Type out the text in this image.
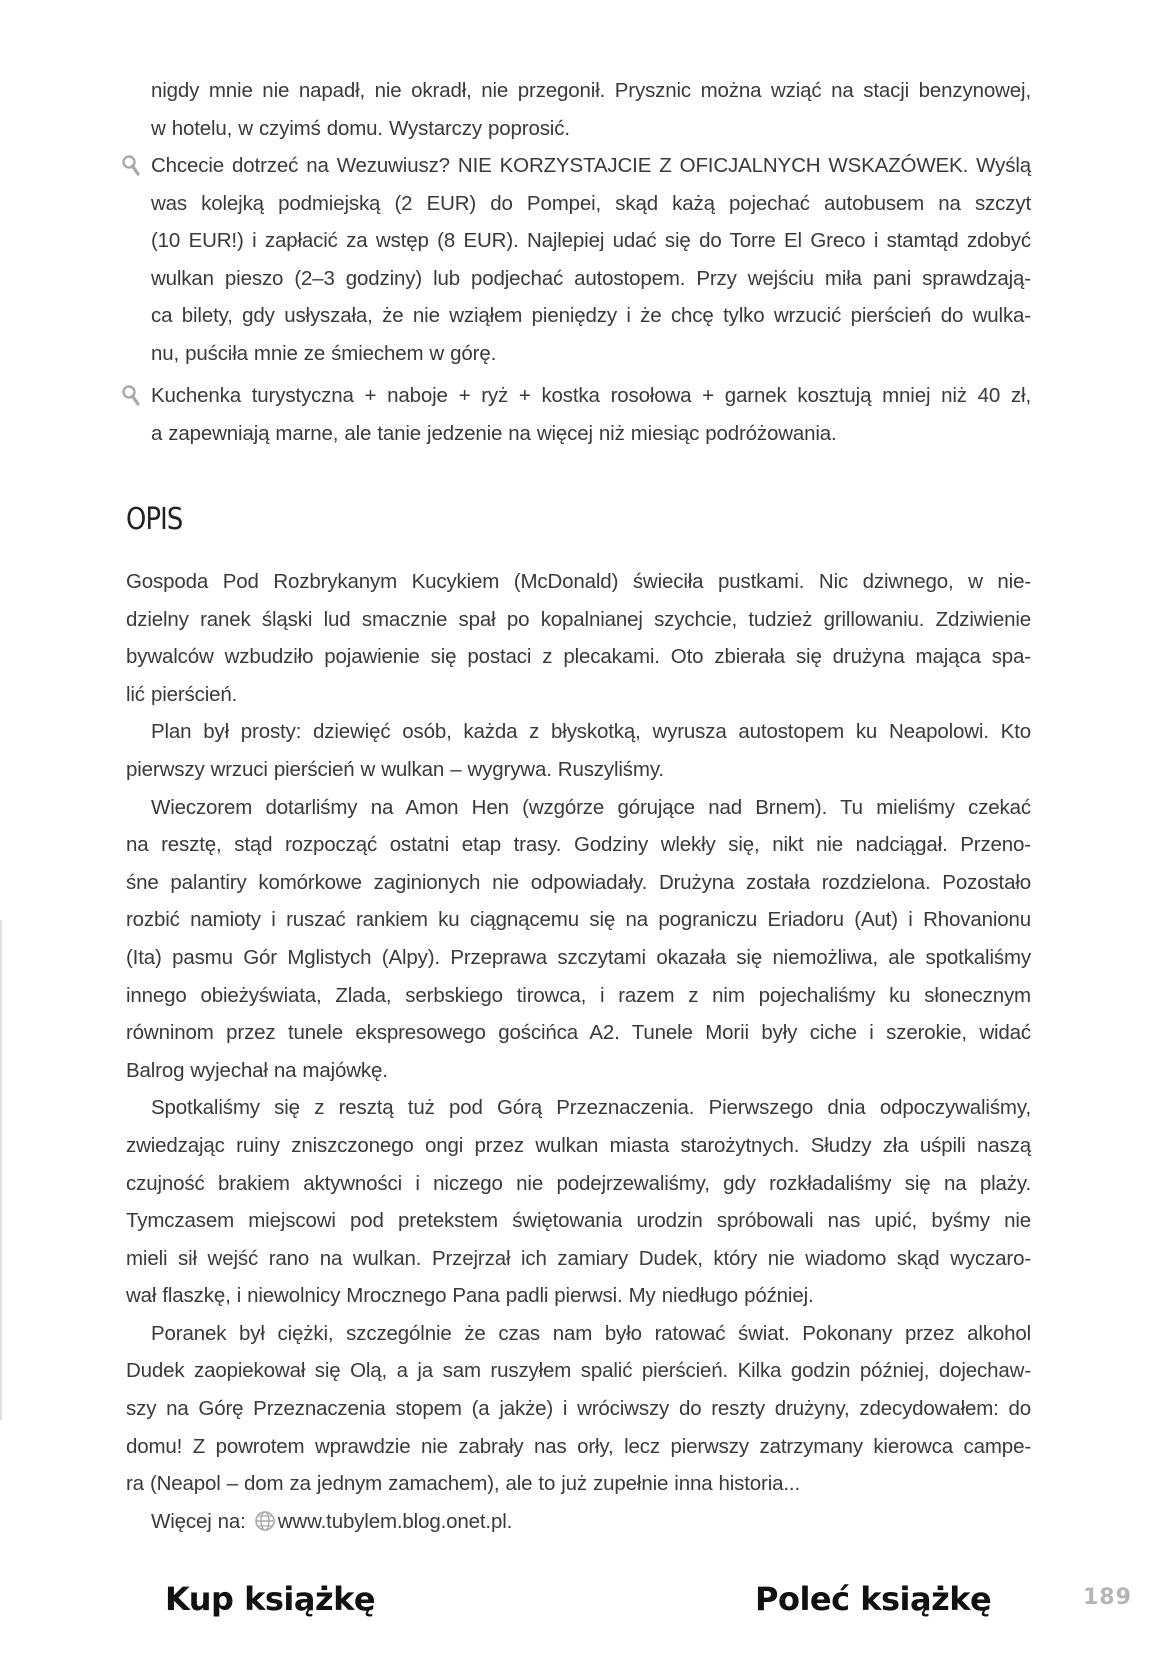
nigdy mnie nie napadł, nie okradł, nie przegonił. Prysznic można wziąć na stacji benzynowej,
w hotelu, w czyimś domu. Wystarczy poprosić.
Chcecie dotrzeć na Wezuwiusz? NIE KORZYSTAJCIE Z OFICJALNYCH WSKAZÓWEK. Wyślą
was kolejką podmiejską (2 EUR) do Pompei, skąd każą pojechać autobusem na szczyt
(10 EUR!) i zapłacić za wstęp (8 EUR). Najlepiej udać się do Torre El Greco i stamtąd zdobyć
wulkan pieszo (2–3 godziny) lub podjechać autostopem. Przy wejściu miła pani sprawdzają-
ca bilety, gdy usłyszała, że nie wziąłem pieniędzy i że chcę tylko wrzucić pierścień do wulka-
nu, puściła mnie ze śmiechem w górę.
Kuchenka turystyczna + naboje + ryż + kostka rosołowa + garnek kosztują mniej niż 40 zł,
a zapewniają marne, ale tanie jedzenie na więcej niż miesiąc podróżowania.
OPIS
Gospoda Pod Rozbrykanym Kucykiem (McDonald) świeciła pustkami. Nic dziwnego, w nie-
dzielny ranek śląski lud smacznie spał po kopalnianej szychcie, tudzież grillowaniu. Zdziwienie
bywalców wzbudziło pojawienie się postaci z plecakami. Oto zbierała się drużyna mająca spa-
lić pierścień.
Plan był prosty: dziewięć osób, każda z błyskotką, wyrusza autostopem ku Neapolowi. Kto
pierwszy wrzuci pierścień w wulkan – wygrywa. Ruszyliśmy.
Wieczorem dotarliśmy na Amon Hen (wzgórze górujące nad Brnem). Tu mieliśmy czekać
na resztę, stąd rozpocząć ostatni etap trasy. Godziny wlekły się, nikt nie nadciągał. Przeno-
śne palantiry komórkowe zaginionych nie odpowiadały. Drużyna została rozdzielona. Pozostało
rozbić namioty i ruszać rankiem ku ciągnącemu się na pograniczu Eriadoru (Aut) i Rhovanionu
(Ita) pasmu Gór Mglistych (Alpy). Przeprawa szczytami okazała się niemożliwa, ale spotkaliśmy
innego obieżyświata, Zlada, serbskiego tirowca, i razem z nim pojechaliśmy ku słonecznym
równinom przez tunele ekspresowego gościńca A2. Tunele Morii były ciche i szerokie, widać
Balrog wyjechał na majówkę.
Spotkaliśmy się z resztą tuż pod Górą Przeznaczenia. Pierwszego dnia odpoczywaliśmy,
zwiedzając ruiny zniszczonego ongi przez wulkan miasta starożytnych. Słudzy zła uśpili naszą
czujność brakiem aktywności i niczego nie podejrzewaliśmy, gdy rozkładaliśmy się na plaży.
Tymczasem miejscowi pod pretekstem świętowania urodzin spróbowali nas upić, byśmy nie
mieli sił wejść rano na wulkan. Przejrzał ich zamiary Dudek, który nie wiadomo skąd wyczaro-
wał flaszkę, i niewolnicy Mrocznego Pana padli pierwsi. My niedługo później.
Poranek był ciężki, szczególnie że czas nam było ratować świat. Pokonany przez alkohol
Dudek zaopiekował się Olą, a ja sam ruszyłem spalić pierścień. Kilka godzin później, dojechaw-
szy na Górę Przeznaczenia stopem (a jakże) i wróciwszy do reszty drużyny, zdecydowałem: do
domu! Z powrotem wprawdzie nie zabrały nas orły, lecz pierwszy zatrzymany kierowca campe-
ra (Neapol – dom za jednym zamachem), ale to już zupełnie inna historia...
Więcej na: www.tubylem.blog.onet.pl.
Kup książkę	Poleć książkę	189
